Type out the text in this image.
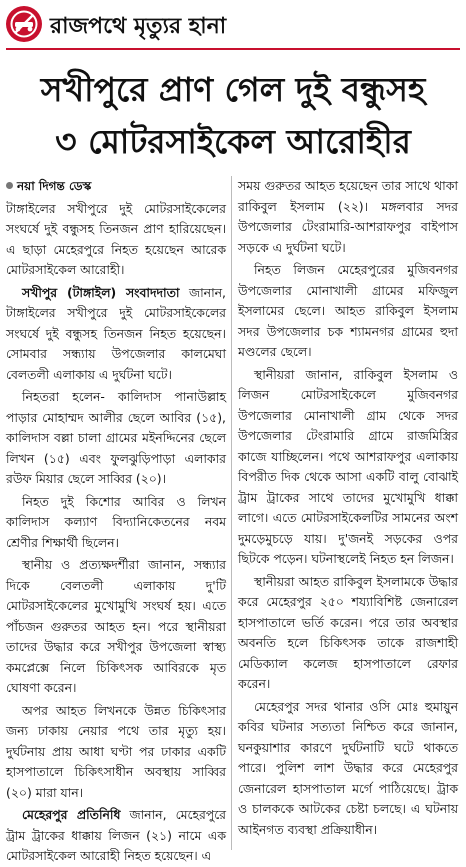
রাজপথে মৃত্যুর হানা
সখীপুরে প্রাণ গেল দুই বন্ধুসহ
৩ মোটরসাইকেল আরোহীর
নয়া দিগন্ত ডেস্ক

টাঙ্গাইলের সখীপুরে দুই মোটরসাইকেলের সংঘর্ষে দুই বন্ধুসহ তিনজন প্রাণ হারিয়েছেন। এ ছাড়া মেহেরপুরে নিহত হয়েছেন আরেক মোটরসাইকেল আরোহী।

সখীপুর (টাঙ্গাইল) সংবাদদাতা জানান, টাঙ্গাইলের সখীপুরে দুই মোটরসাইকেলের সংঘর্ষে দুই বন্ধুসহ তিনজন নিহত হয়েছেন। সোমবার সন্ধ্যায় উপজেলার কালমেঘা বেলতলী এলাকায় এ দুর্ঘটনা ঘটে।

নিহতরা হলেন- কালিদাস পানাউল্লাহ পাড়ার মোহাম্মদ আলীর ছেলে আবির (১৫), কালিদাস বল্লা চালা গ্রামের মইনদ্দিনের ছেলে লিখন (১৫) এবং ফুলঝুড়িপাড়া এলাকার রউফ মিয়ার ছেলে সাব্বির (২০)।

নিহত দুই কিশোর আবির ও লিখন কালিদাস কল্যাণ বিদ্যানিকেতনের নবম শ্রেণীর শিক্ষার্থী ছিলেন।

স্থানীয় ও প্রত্যক্ষদর্শীরা জানান, সন্ধ্যার দিকে বেলতলী এলাকায় দু'টি মোটরসাইকেলের মুখোমুখি সংঘর্ষ হয়। এতে পাঁচজন গুরুতর আহত হন। পরে স্থানীয়রা তাদের উদ্ধার করে সখীপুর উপজেলা স্বাস্থ্য কমপ্লেক্সে নিলে চিকিৎসক আবিরকে মৃত ঘোষণা করেন।

অপর আহত লিখনকে উন্নত চিকিৎসার জন্য ঢাকায় নেয়ার পথে তার মৃত্যু হয়। দুর্ঘটনায় প্রায় আধা ঘণ্টা পর ঢাকার একটি হাসপাতালে চিকিৎসাধীন অবস্থায় সাব্বির (২০) মারা যান।

মেহেরপুর প্রতিনিধি জানান, মেহেরপুরে ট্রাম ট্রাকের ধাক্কায় লিজন (২১) নামে এক মোটরসাইকেল আরোহী নিহত হয়েছেন। এ

সময় গুরুতর আহত হয়েছেন তার সাথে থাকা রাকিবুল ইসলাম (২২)। মঙ্গলবার সদর উপজেলার টেংরামারি-আশরাফপুর বাইপাস সড়কে এ দুর্ঘটনা ঘটে।

নিহত লিজন মেহেরপুরের মুজিবনগর উপজেলার মোনাখালী গ্রামের মফিজুল ইসলামের ছেলে। আহত রাকিবুল ইসলাম সদর উপজেলার চক শ্যামনগর গ্রামের হুদা মণ্ডলের ছেলে।

স্থানীয়রা জানান, রাকিবুল ইসলাম ও লিজন মোটরসাইকেলে মুজিবনগর উপজেলার মোনাখালী গ্রাম থেকে সদর উপজেলার টেংরামারি গ্রামে রাজমিস্ত্রির কাজে যাচ্ছিলেন। পথে আশরাফপুর এলাকায় বিপরীত দিক থেকে আসা একটি বালু বোঝাই ট্রাম ট্রাকের সাথে তাদের মুখোমুখি ধাক্কা লাগে। এতে মোটরসাইকেলটির সামনের অংশ দুমড়েমুচড়ে যায়। দু'জনই সড়কের ওপর ছিটকে পড়েন। ঘটনাস্থলেই নিহত হন লিজন।

স্থানীয়রা আহত রাকিবুল ইসলামকে উদ্ধার করে মেহেরপুর ২৫০ শয্যাবিশিষ্ট জেনারেল হাসপাতালে ভর্তি করেন। পরে তার অবস্থার অবনতি হলে চিকিৎসক তাকে রাজশাহী মেডিক্যাল কলেজ হাসপাতালে রেফার করেন।

মেহেরপুর সদর থানার ওসি মোঃ হুমায়ুন কবির ঘটনার সত্যতা নিশ্চিত করে জানান, ঘনকুয়াশার কারণে দুর্ঘটনাটি ঘটে থাকতে পারে। পুলিশ লাশ উদ্ধার করে মেহেরপুর জেনারেল হাসপাতাল মর্গে পাঠিয়েছে। ট্রাক ও চালককে আটকের চেষ্টা চলছে। এ ঘটনায় আইনগত ব্যবস্থা প্রক্রিয়াধীন।
